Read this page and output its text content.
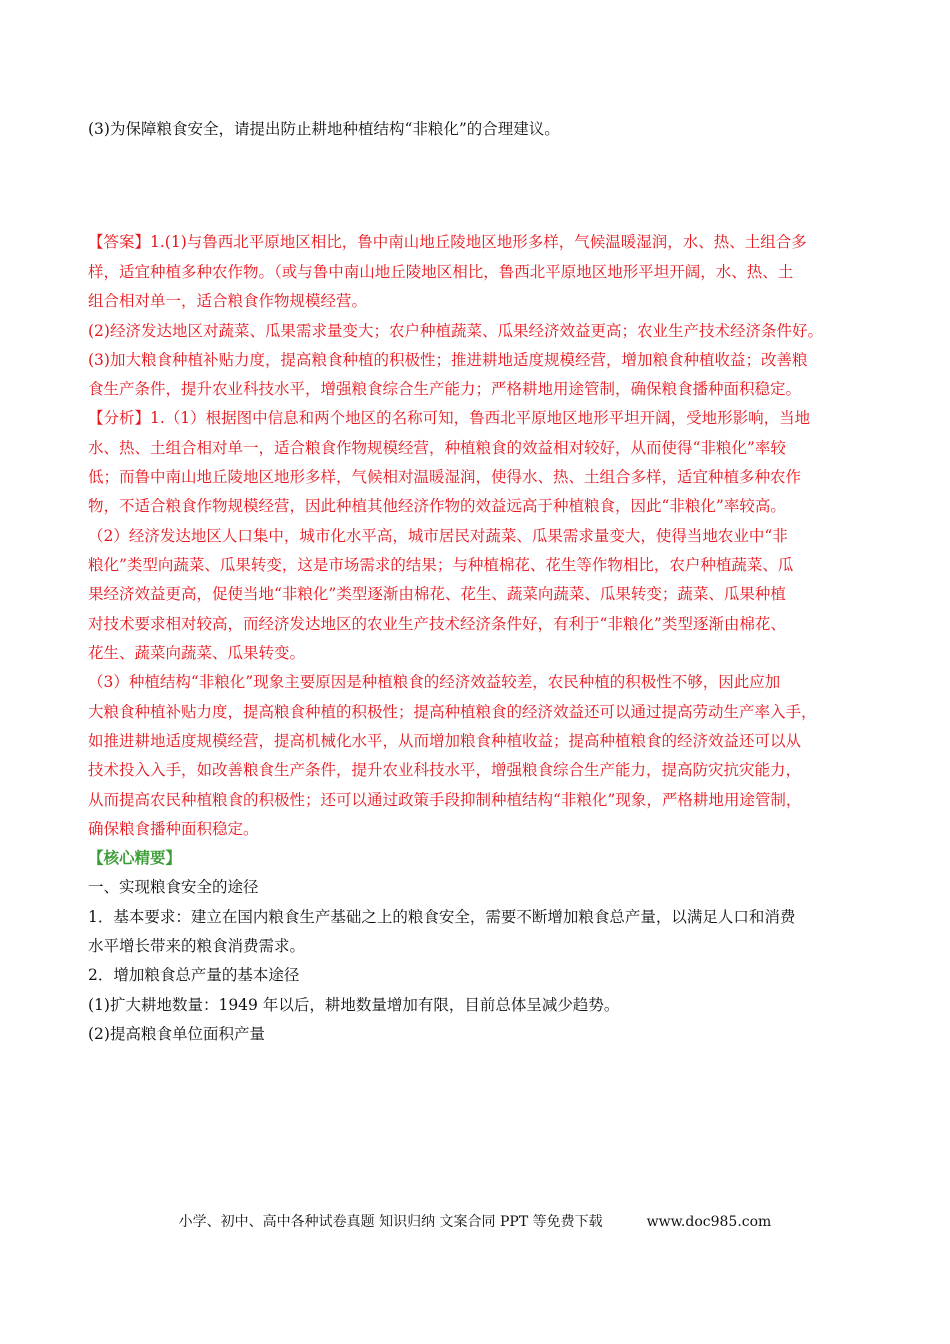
(3)为保障粮食安全，请提出防止耕地种植结构“非粮化”的合理建议。
【答案】1.(1)与鲁西北平原地区相比，鲁中南山地丘陵地区地形多样，气候温暖湿润，水、热、土组合多
样，适宜种植多种农作物。（或与鲁中南山地丘陵地区相比，鲁西北平原地区地形平坦开阔，水、热、土
组合相对单一，适合粮食作物规模经营。
(2)经济发达地区对蔬菜、瓜果需求量变大；农户种植蔬菜、瓜果经济效益更高；农业生产技术经济条件好。
(3)加大粮食种植补贴力度，提高粮食种植的积极性；推进耕地适度规模经营，增加粮食种植收益；改善粮
食生产条件，提升农业科技水平，增强粮食综合生产能力；严格耕地用途管制，确保粮食播种面积稳定。
【分析】1.（1）根据图中信息和两个地区的名称可知，鲁西北平原地区地形平坦开阔，受地形影响，当地
水、热、土组合相对单一，适合粮食作物规模经营，种植粮食的效益相对较好，从而使得“非粮化”率较
低；而鲁中南山地丘陵地区地形多样，气候相对温暖湿润，使得水、热、土组合多样，适宜种植多种农作
物，不适合粮食作物规模经营，因此种植其他经济作物的效益远高于种植粮食，因此“非粮化”率较高。
（2）经济发达地区人口集中，城市化水平高，城市居民对蔬菜、瓜果需求量变大，使得当地农业中“非
粮化”类型向蔬菜、瓜果转变，这是市场需求的结果；与种植棉花、花生等作物相比，农户种植蔬菜、瓜
果经济效益更高，促使当地“非粮化”类型逐渐由棉花、花生、蔬菜向蔬菜、瓜果转变；蔬菜、瓜果种植
对技术要求相对较高，而经济发达地区的农业生产技术经济条件好，有利于“非粮化”类型逐渐由棉花、
花生、蔬菜向蔬菜、瓜果转变。
（3）种植结构“非粮化”现象主要原因是种植粮食的经济效益较差，农民种植的积极性不够，因此应加
大粮食种植补贴力度，提高粮食种植的积极性；提高种植粮食的经济效益还可以通过提高劳动生产率入手，
如推进耕地适度规模经营，提高机械化水平，从而增加粮食种植收益；提高种植粮食的经济效益还可以从
技术投入入手，如改善粮食生产条件，提升农业科技水平，增强粮食综合生产能力，提高防灾抗灾能力，
从而提高农民种植粮食的积极性；还可以通过政策手段抑制种植结构“非粮化”现象，严格耕地用途管制，
确保粮食播种面积稳定。
【核心精要】
一、实现粮食安全的途径
1．基本要求：建立在国内粮食生产基础之上的粮食安全，需要不断增加粮食总产量，以满足人口和消费
水平增长带来的粮食消费需求。
2．增加粮食总产量的基本途径
(1)扩大耕地数量：1949 年以后，耕地数量增加有限，目前总体呈减少趋势。
(2)提高粮食单位面积产量
小学、初中、高中各种试卷真题 知识归纳 文案合同 PPT 等免费下载	www.doc985.com
